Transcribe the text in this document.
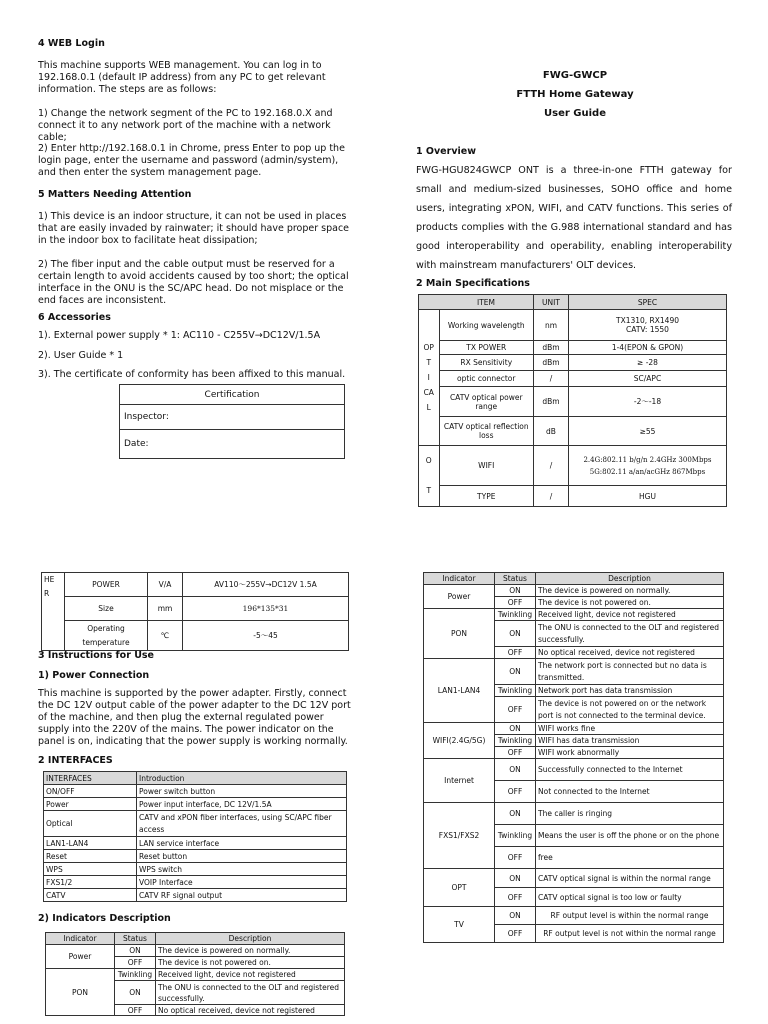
4 WEB Login
This machine supports WEB management. You can log in to 192.168.0.1 (default IP address) from any PC to get relevant information. The steps are as follows:
1) Change the network segment of the PC to 192.168.0.X and connect it to any network port of the machine with a network cable;
2) Enter http://192.168.0.1 in Chrome, press Enter to pop up the login page, enter the username and password (admin/system), and then enter the system management page.
5 Matters Needing Attention
1) This device is an indoor structure, it can not be used in places that are easily invaded by rainwater; it should have proper space in the indoor box to facilitate heat dissipation;
2) The fiber input and the cable output must be reserved for a certain length to avoid accidents caused by too short; the optical interface in the ONU is the SC/APC head. Do not misplace or the end faces are inconsistent.
6 Accessories
1). External power supply * 1: AC110 - C255V→DC12V/1.5A
2). User Guide * 1
3). The certificate of conformity has been affixed to this manual.
Certification
Inspector:
Date:
FWG-GWCP
FTTH Home Gateway
User Guide
1 Overview
FWG-HGU824GWCP ONT is a three-in-one FTTH gateway for small and medium-sized businesses, SOHO office and home users, integrating xPON, WIFI, and CATV functions. This series of products complies with the G.988 international standard and has good interoperability and operability, enabling interoperability with mainstream manufacturers' OLT devices.
2 Main Specifications
	ITEM	UNIT	SPEC
OP
T
I
CA
L	Working wavelength	nm	TX1310, RX1490
CATV: 1550
	TX POWER	dBm	1-4(EPON & GPON)
	RX Sensitivity	dBm	≥ -28
	optic connector	/	SC/APC
	CATV optical power range	dBm	-2～-18
	CATV optical reflection loss	dB	≥55
O
T	WIFI	/	2.4G:802.11 b/g/n 2.4GHz 300Mbps
5G:802.11 a/an/acGHz 867Mbps
	TYPE	/	HGU
HE
R	POWER	V/A	AV110～255V→DC12V 1.5A
	Size	mm	196*135*31
	Operating temperature	℃	-5～45
3 Instructions for Use
1) Power Connection
This machine is supported by the power adapter. Firstly, connect the DC 12V output cable of the power adapter to the DC 12V port of the machine, and then plug the external regulated power supply into the 220V of the mains. The power indicator on the panel is on, indicating that the power supply is working normally.
2 INTERFACES
INTERFACES	Introduction
ON/OFF	Power switch button
Power	Power input interface, DC 12V/1.5A
Optical	CATV and xPON fiber interfaces, using SC/APC fiber access
LAN1-LAN4	LAN service interface
Reset	Reset button
WPS	WPS switch
FXS1/2	VOIP Interface
CATV	CATV RF signal output
2) Indicators Description
Indicator	Status	Description
Power	ON	The device is powered on normally.
	OFF	The device is not powered on.
PON	Twinkling	Received light, device not registered
	ON	The ONU is connected to the OLT and registered successfully.
	OFF	No optical received, device not registered
Indicator	Status	Description
Power	ON	The device is powered on normally.
	OFF	The device is not powered on.
PON	Twinkling	Received light, device not registered
	ON	The ONU is connected to the OLT and registered successfully.
	OFF	No optical received, device not registered
LAN1-LAN4	ON	The network port is connected but no data is transmitted.
	Twinkling	Network port has data transmission
	OFF	The device is not powered on or the network port is not connected to the terminal device.
WIFI(2.4G/5G)	ON	WIFI works fine
	Twinkling	WIFI has data transmission
	OFF	WIFI work abnormally
Internet	ON	Successfully connected to the Internet
	OFF	Not connected to the Internet
FXS1/FXS2	ON	The caller is ringing
	Twinkling	Means the user is off the phone or on the phone
	OFF	free
OPT	ON	CATV optical signal is within the normal range
	OFF	CATV optical signal is too low or faulty
TV	ON	RF output level is within the normal range
	OFF	RF output level is not within the normal range
